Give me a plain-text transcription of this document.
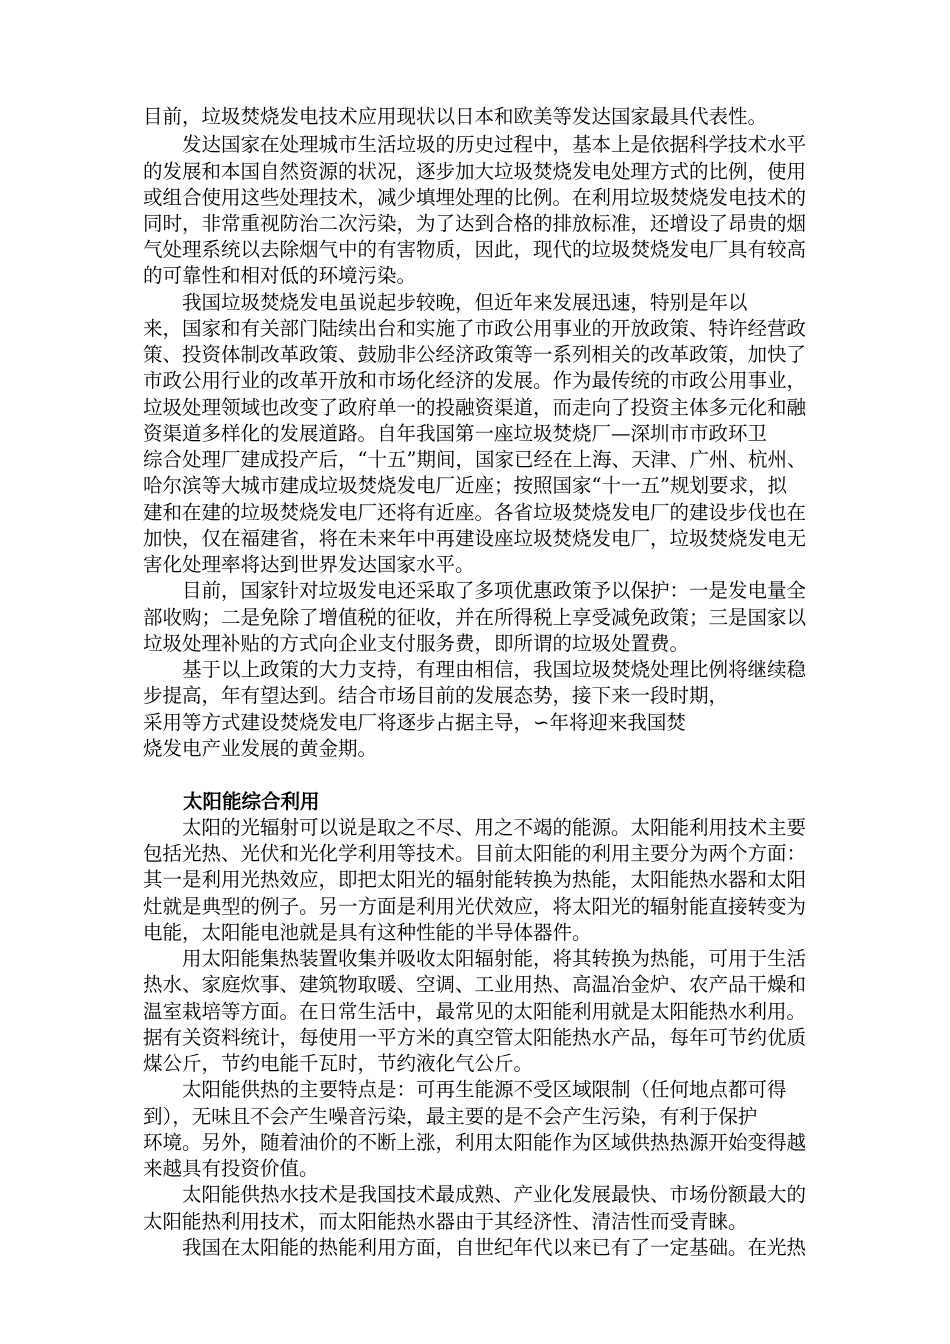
目前，垃圾焚烧发电技术应用现状以日本和欧美等发达国家最具代表性。

　　发达国家在处理城市生活垃圾的历史过程中，基本上是依据科学技术水平

的发展和本国自然资源的状况，逐步加大垃圾焚烧发电处理方式的比例，使用

或组合使用这些处理技术，减少填埋处理的比例。在利用垃圾焚烧发电技术的

同时，非常重视防治二次污染，为了达到合格的排放标准，还增设了昂贵的烟

气处理系统以去除烟气中的有害物质，因此，现代的垃圾焚烧发电厂具有较高

的可靠性和相对低的环境污染。

　　我国垃圾焚烧发电虽说起步较晚，但近年来发展迅速，特别是年以

来，国家和有关部门陆续出台和实施了市政公用事业的开放政策、特许经营政

策、投资体制改革政策、鼓励非公经济政策等一系列相关的改革政策，加快了

市政公用行业的改革开放和市场化经济的发展。作为最传统的市政公用事业，

垃圾处理领域也改变了政府单一的投融资渠道，而走向了投资主体多元化和融

资渠道多样化的发展道路。自年我国第一座垃圾焚烧厂—深圳市市政环卫

综合处理厂建成投产后，“十五”期间，国家已经在上海、天津、广州、杭州、

哈尔滨等大城市建成垃圾焚烧发电厂近座；按照国家“十一五”规划要求，拟

建和在建的垃圾焚烧发电厂还将有近座。各省垃圾焚烧发电厂的建设步伐也在

加快，仅在福建省，将在未来年中再建设座垃圾焚烧发电厂，垃圾焚烧发电无

害化处理率将达到世界发达国家水平。

　　目前，国家针对垃圾发电还采取了多项优惠政策予以保护：一是发电量全

部收购；二是免除了增值税的征收，并在所得税上享受减免政策；三是国家以

垃圾处理补贴的方式向企业支付服务费，即所谓的垃圾处置费。

　　基于以上政策的大力支持，有理由相信，我国垃圾焚烧处理比例将继续稳

步提高，年有望达到。结合市场目前的发展态势，接下来一段时期，

采用等方式建设焚烧发电厂将逐步占据主导，∽年将迎来我国焚

烧发电产业发展的黄金期。

太阳能综合利用

　　太阳的光辐射可以说是取之不尽、用之不竭的能源。太阳能利用技术主要

包括光热、光伏和光化学利用等技术。目前太阳能的利用主要分为两个方面：

其一是利用光热效应，即把太阳光的辐射能转换为热能，太阳能热水器和太阳

灶就是典型的例子。另一方面是利用光伏效应，将太阳光的辐射能直接转变为

电能，太阳能电池就是具有这种性能的半导体器件。

　　用太阳能集热装置收集并吸收太阳辐射能，将其转换为热能，可用于生活

热水、家庭炊事、建筑物取暖、空调、工业用热、高温冶金炉、农产品干燥和

温室栽培等方面。在日常生活中，最常见的太阳能利用就是太阳能热水利用。

据有关资料统计，每使用一平方米的真空管太阳能热水产品，每年可节约优质

煤公斤，节约电能千瓦时，节约液化气公斤。

　　太阳能供热的主要特点是：可再生能源不受区域限制（任何地点都可得

到），无味且不会产生噪音污染，最主要的是不会产生污染，有利于保护

环境。另外，随着油价的不断上涨，利用太阳能作为区域供热热源开始变得越

来越具有投资价值。

　　太阳能供热水技术是我国技术最成熟、产业化发展最快、市场份额最大的

太阳能热利用技术，而太阳能热水器由于其经济性、清洁性而受青睐。

　　我国在太阳能的热能利用方面，自世纪年代以来已有了一定基础。在光热
